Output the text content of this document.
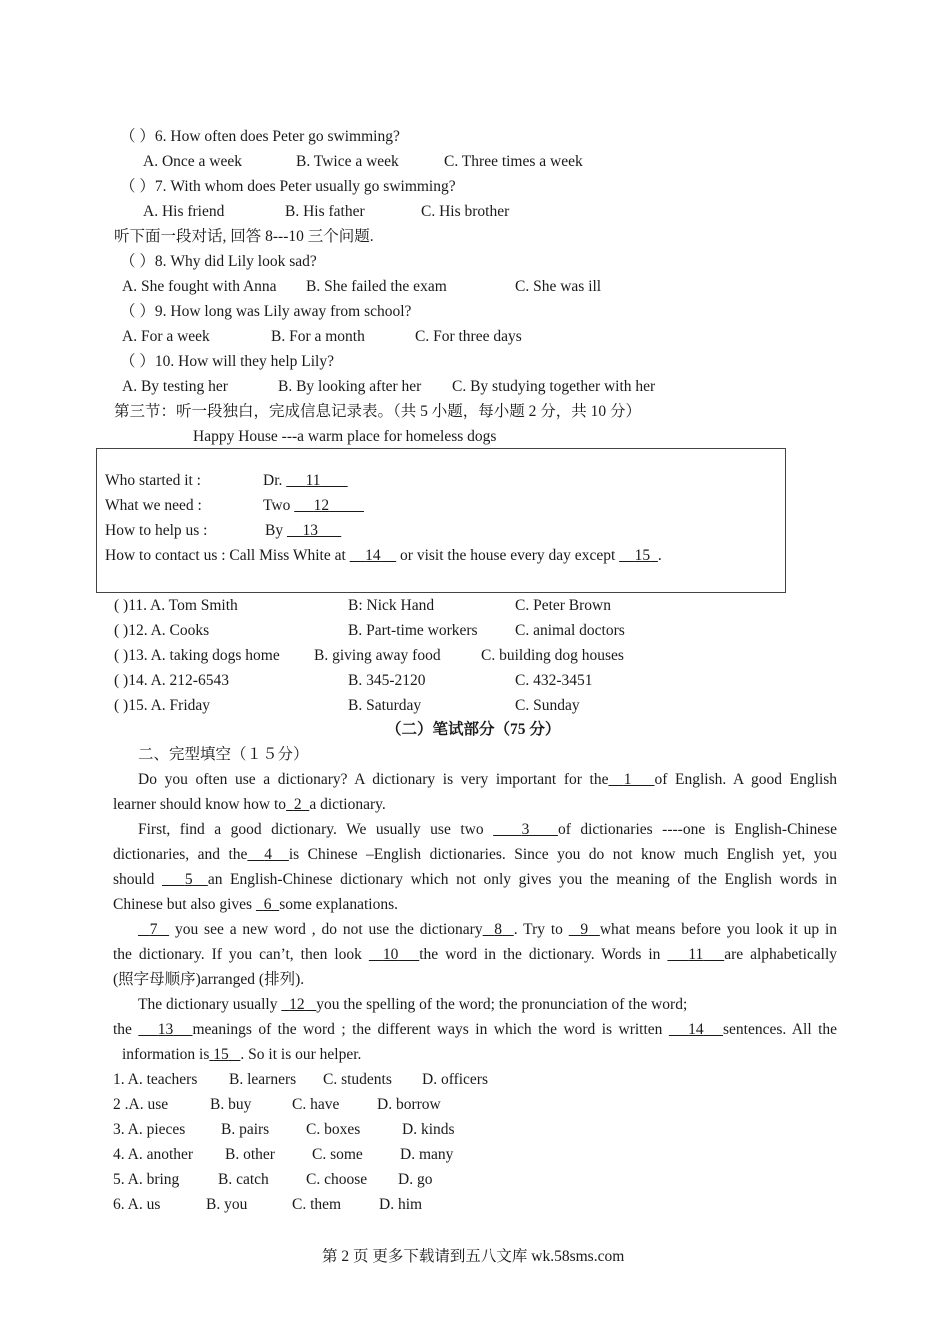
（ ）6. How often does Peter go swimming?
A. Once a week	B. Twice a week	C. Three times a week
（ ）7. With whom does Peter usually go swimming?
A. His friend	B. His father	C. His brother
听下面一段对话, 回答 8---10 三个问题.
（ ）8. Why did Lily look sad?
A. She fought with Anna B. She failed the exam	C. She was ill
（ ）9. How long was Lily away from school?
A. For a week	B. For a month	C. For three days
（ ）10. How will they help Lily?
A. By testing her	B. By looking after her C. By studying together with her
第三节：听一段独白，完成信息记录表。（共 5 小题，每小题 2 分，共 10 分）
Happy House ---a warm place for homeless dogs
Who started it :	Dr. 11
What we need :	Two 12
How to help us :	By 13
How to contact us : Call Miss White at 14 or visit the house every day except 15 .
( )11. A. Tom Smith	B: Nick Hand	C. Peter Brown
( )12. A. Cooks	B. Part-time workers C. animal doctors
( )13. A. taking dogs home B. giving away food	C. building dog houses
( )14. A. 212-6543	B. 345-2120	C. 432-3451
( )15. A. Friday	B. Saturday	C. Sunday
（二）笔试部分（75 分）
二、完型填空（１５分）
Do you often use a dictionary? A dictionary is very important for the 1 of English. A good English
learner should know how to 2 a dictionary.
First, find a good dictionary. We usually use two 3 of dictionaries ----one is English-Chinese
dictionaries, and the 4 is Chinese –English dictionaries. Since you do not know much English yet, you
should 5 an English-Chinese dictionary which not only gives you the meaning of the English words in
Chinese but also gives 6 some explanations.
7 you see a new word , do not use the dictionary 8 . Try to 9 what means before you look it up in
the dictionary. If you can’t, then look 10 the word in the dictionary. Words in 11 are alphabetically
(照字母顺序)arranged (排列).
The dictionary usually 12 you the spelling of the word; the pronunciation of the word;
the 13 meanings of the word ; the different ways in which the word is written 14 sentences. All the
information is 15 . So it is our helper.
1. A. teachers B. learners C. students D. officers
2 .A. use	B. buy	C. have D. borrow
3. A. pieces B. pairs C. boxes	D. kinds
4. A. another B. other C. some D. many
5. A. bring B. catch C. choose D. go
6. A. us	B. you	C. them D. him
第 2 页 更多下载请到五八文库 wk.58sms.com
